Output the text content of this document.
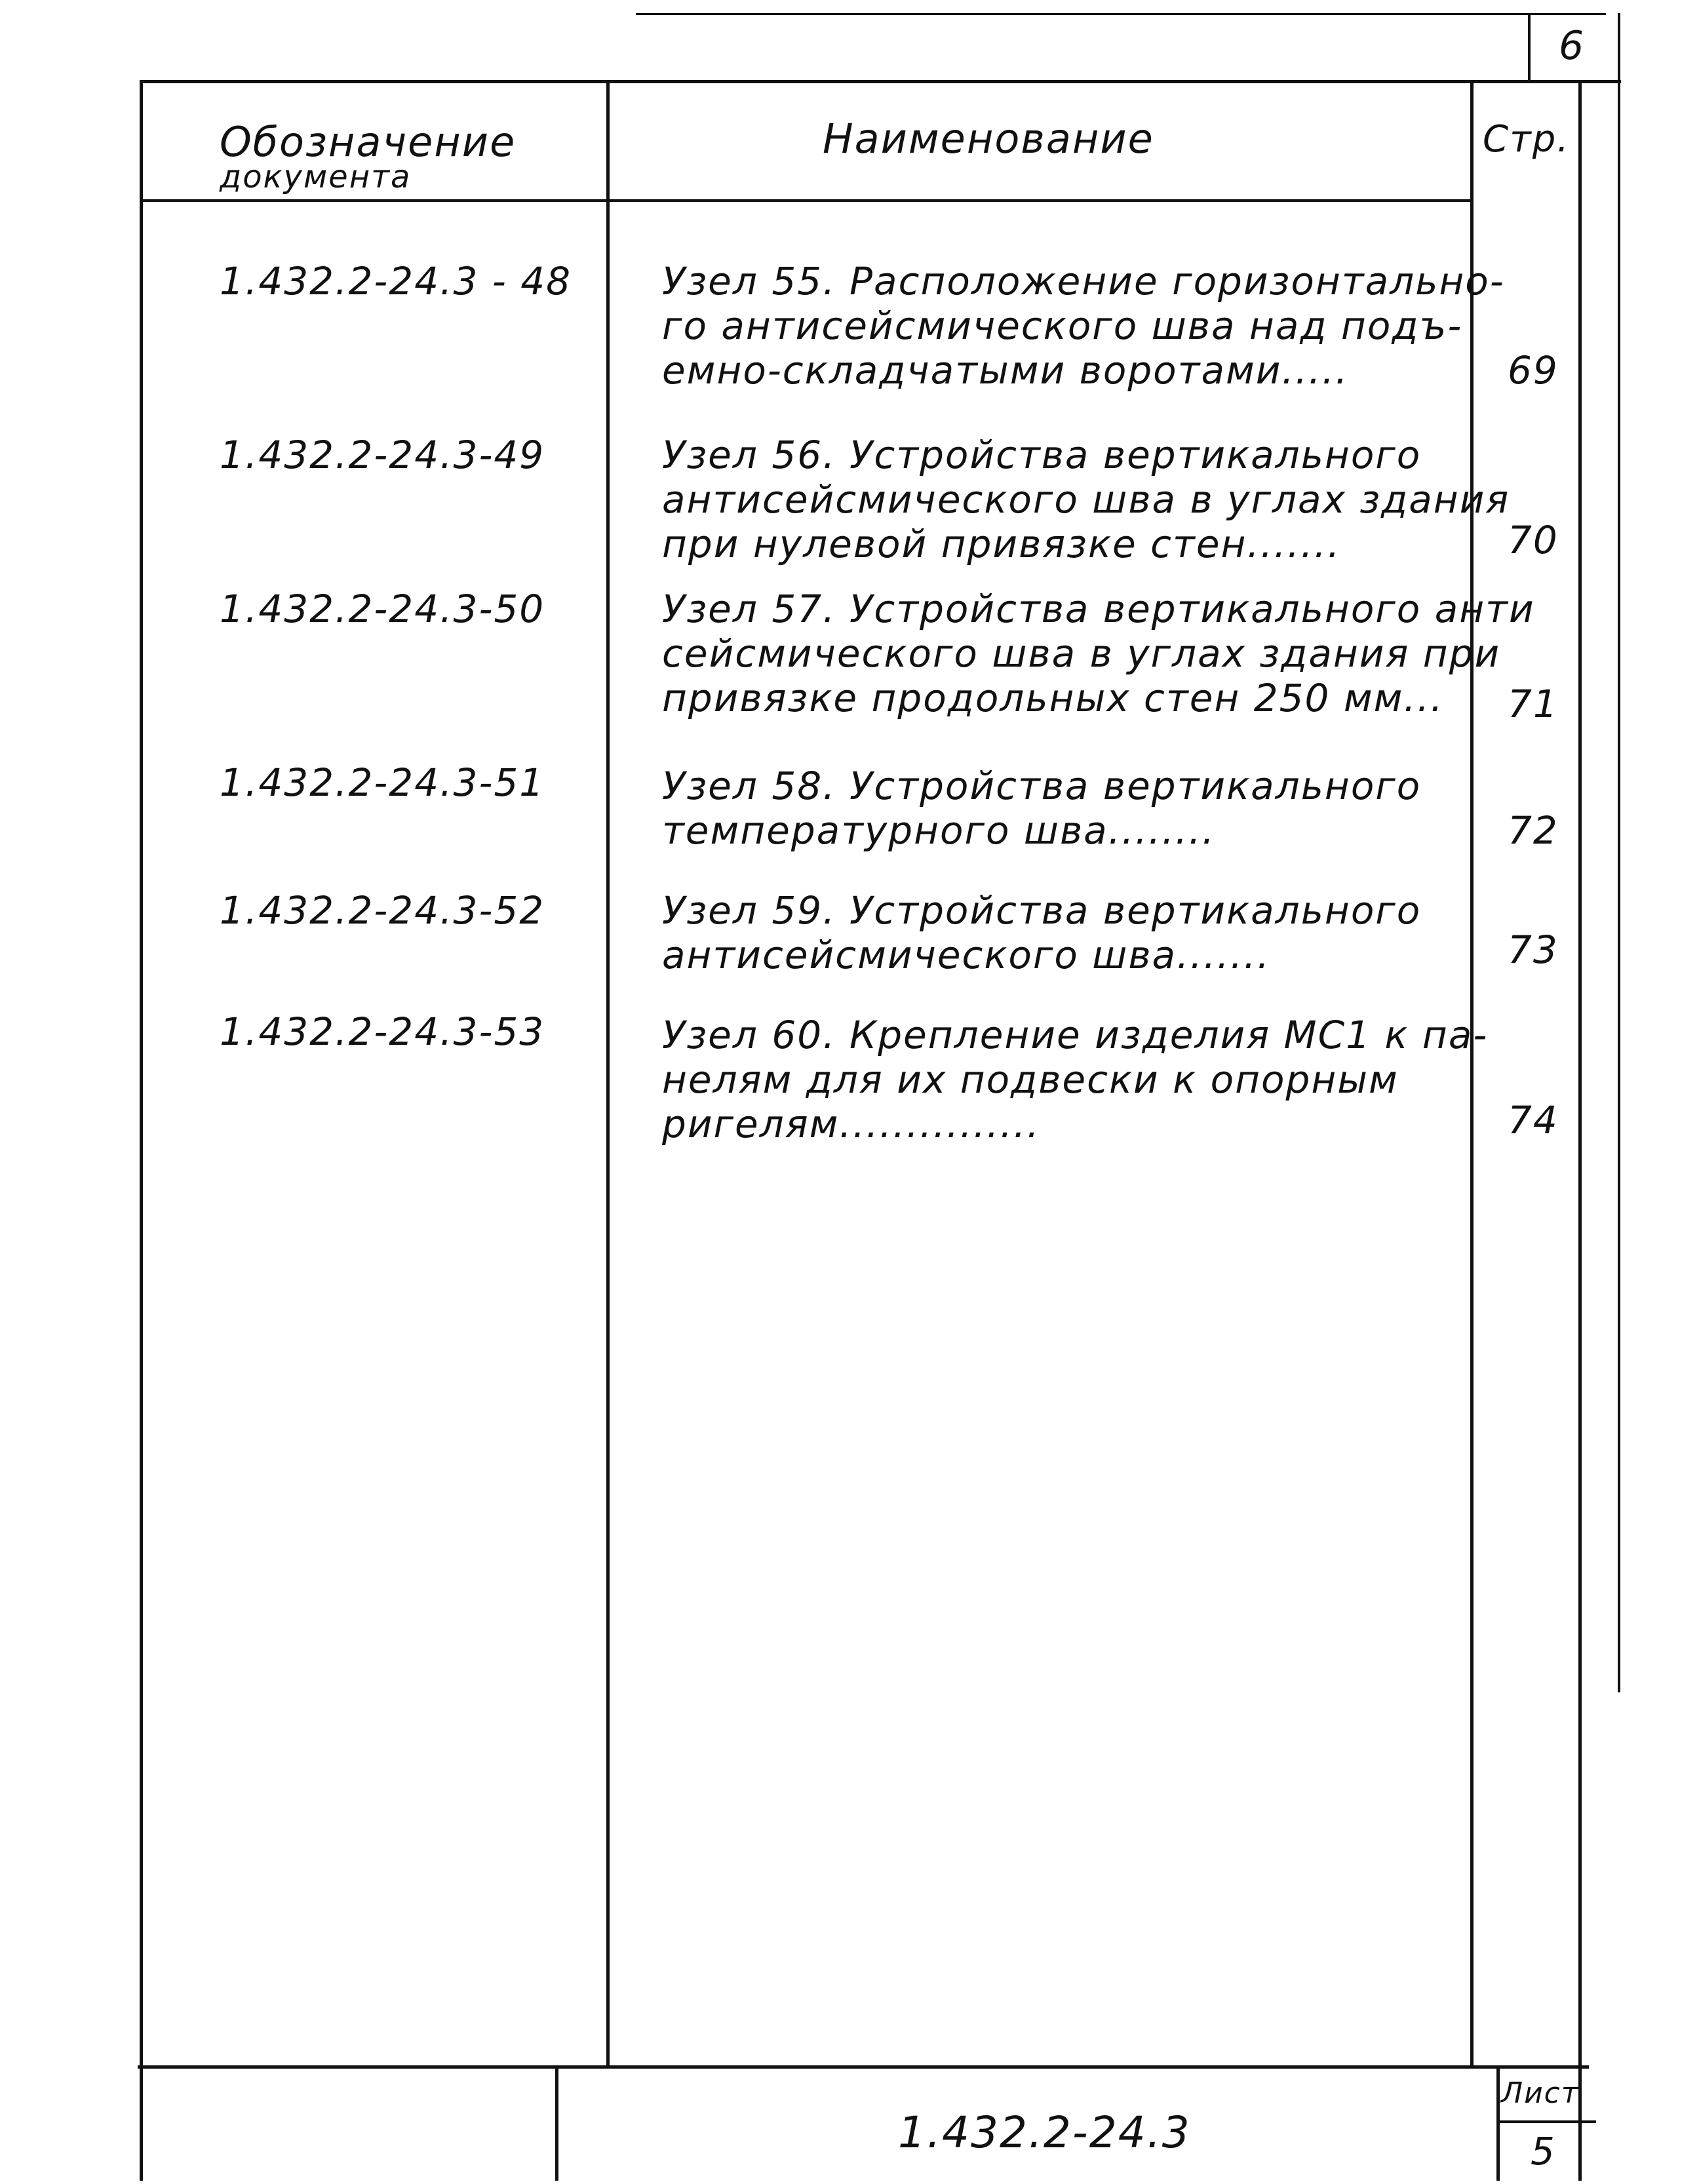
6
Обозначение
документа
Наименование	Стр.
1.432.2-24.3 - 48 Узел 55. Расположение горизонтально-
го антисейсмического шва над подъ-
емно-складчатыми воротами.....	69
1.432.2-24.3-49	Узел 56. Устройства вертикального
антисейсмического шва в углах здания
при нулевой привязке стен.......	70
1.432.2-24.3-50	Узел 57. Устройства вертикального анти
сейсмического шва в углах здания при
привязке продольных стен 250 мм... 71
1.432.2-24.3-51	Узел 58. Устройства вертикального
температурного шва........	72
1.432.2-24.3-52	Узел 59. Устройства вертикального
антисейсмического шва.......	73
1.432.2-24.3-53	Узел 60. Крепление изделия МС1 к па-
нелям для их подвески к опорным
ригелям...............	74
1.432.2-24.3
Лист
5
